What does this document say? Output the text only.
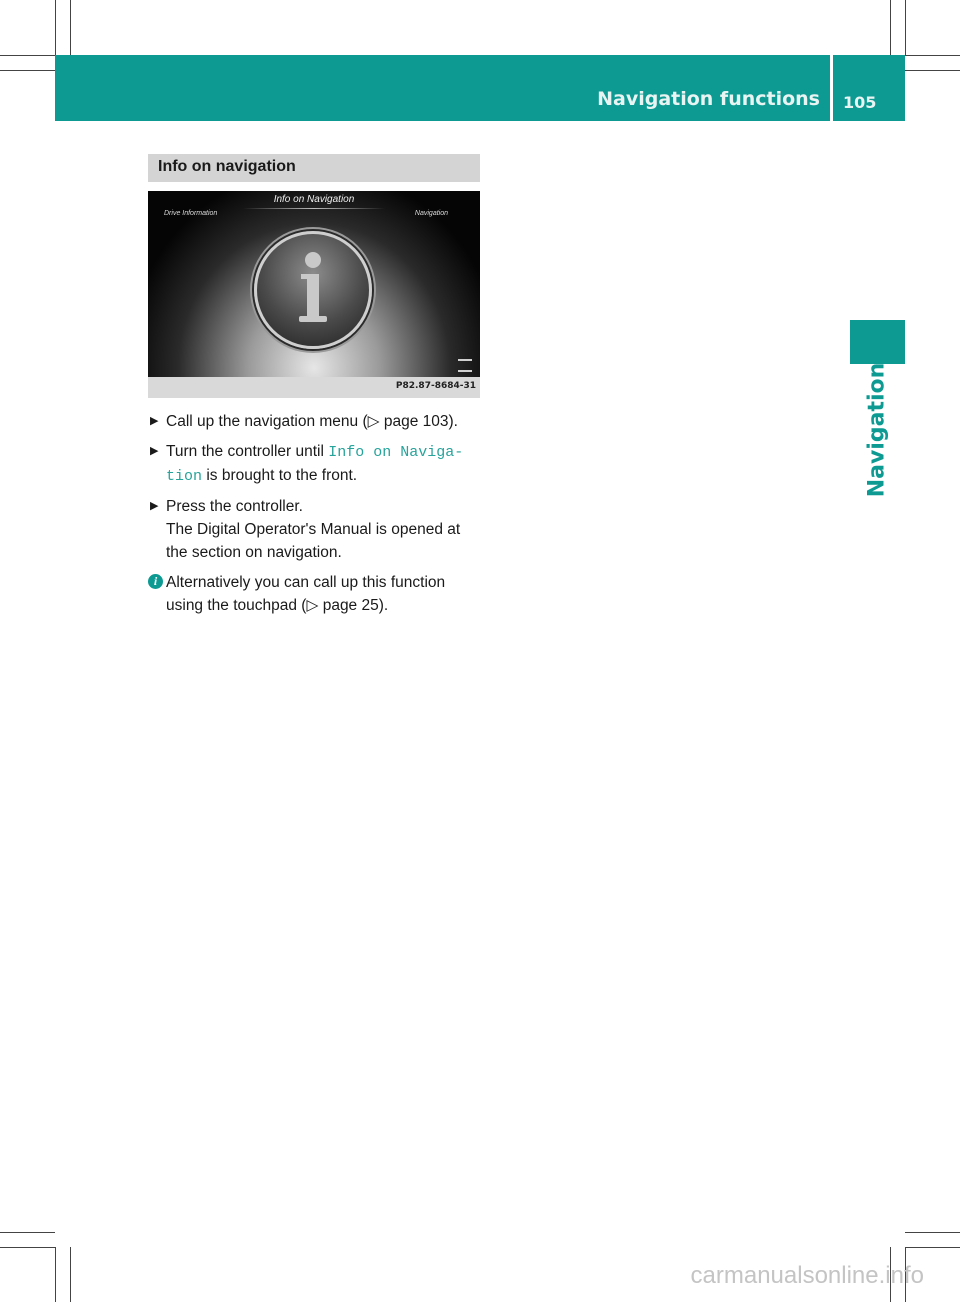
Navigation functions 105
Navigation
Info on navigation
Info on Navigation
Drive Information	Navigation
P82.87-8684-31
▶ Call up the navigation menu (▷ page 103).
▶ Turn the controller until Info on Naviga‐
tion is brought to the front.
▶ Press the controller.
The Digital Operator's Manual is opened at the section on navigation.
i Alternatively you can call up this function using the touchpad (▷ page 25).
carmanualsonline.info
